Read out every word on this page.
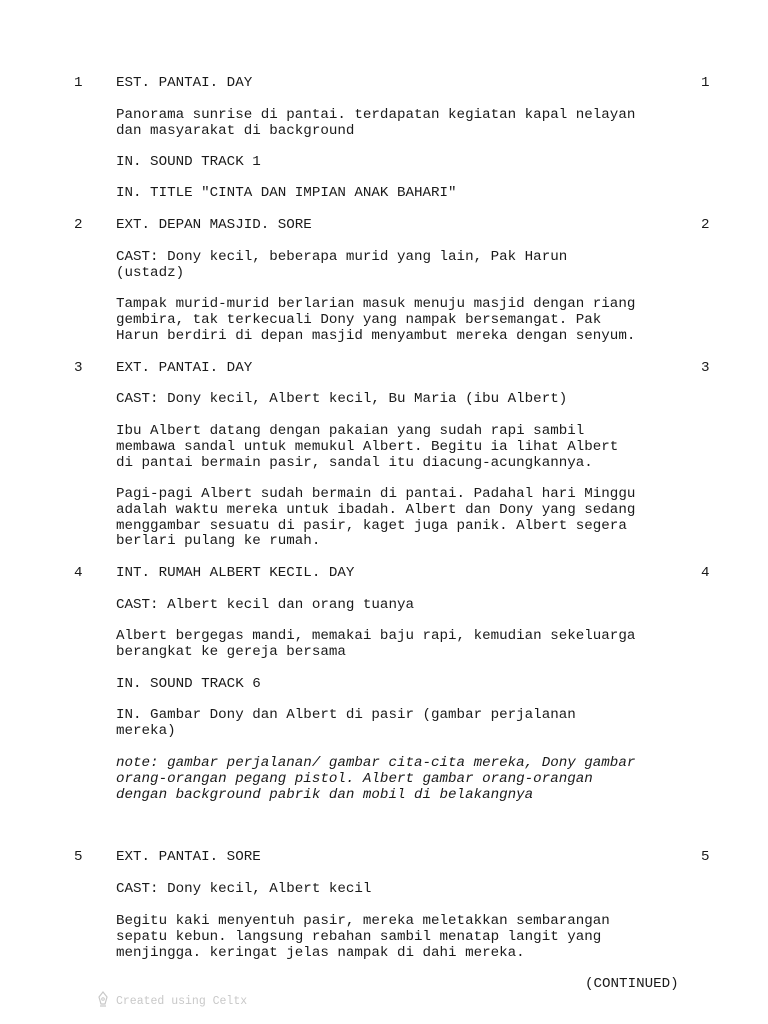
1	1
EST. PANTAI. DAY
Panorama sunrise di pantai. terdapatan kegiatan kapal nelayan
dan masyarakat di background
IN. SOUND TRACK 1
IN. TITLE "CINTA DAN IMPIAN ANAK BAHARI"
2	2
EXT. DEPAN MASJID. SORE
CAST: Dony kecil, beberapa murid yang lain, Pak Harun
(ustadz)
Tampak murid-murid berlarian masuk menuju masjid dengan riang
gembira, tak terkecuali Dony yang nampak bersemangat. Pak
Harun berdiri di depan masjid menyambut mereka dengan senyum.
3	3
EXT. PANTAI. DAY
CAST: Dony kecil, Albert kecil, Bu Maria (ibu Albert)
Ibu Albert datang dengan pakaian yang sudah rapi sambil
membawa sandal untuk memukul Albert. Begitu ia lihat Albert
di pantai bermain pasir, sandal itu diacung-acungkannya.
Pagi-pagi Albert sudah bermain di pantai. Padahal hari Minggu
adalah waktu mereka untuk ibadah. Albert dan Dony yang sedang
menggambar sesuatu di pasir, kaget juga panik. Albert segera
berlari pulang ke rumah.
4	4
INT. RUMAH ALBERT KECIL. DAY
CAST: Albert kecil dan orang tuanya
Albert bergegas mandi, memakai baju rapi, kemudian sekeluarga
berangkat ke gereja bersama
IN. SOUND TRACK 6
IN. Gambar Dony dan Albert di pasir (gambar perjalanan
mereka)
note: gambar perjalanan/ gambar cita-cita mereka, Dony gambar
orang-orangan pegang pistol. Albert gambar orang-orangan
dengan background pabrik dan mobil di belakangnya
5	5
EXT. PANTAI. SORE
CAST: Dony kecil, Albert kecil
Begitu kaki menyentuh pasir, mereka meletakkan sembarangan
sepatu kebun. langsung rebahan sambil menatap langit yang
menjingga. keringat jelas nampak di dahi mereka.
(CONTINUED)
Created using Celtx
